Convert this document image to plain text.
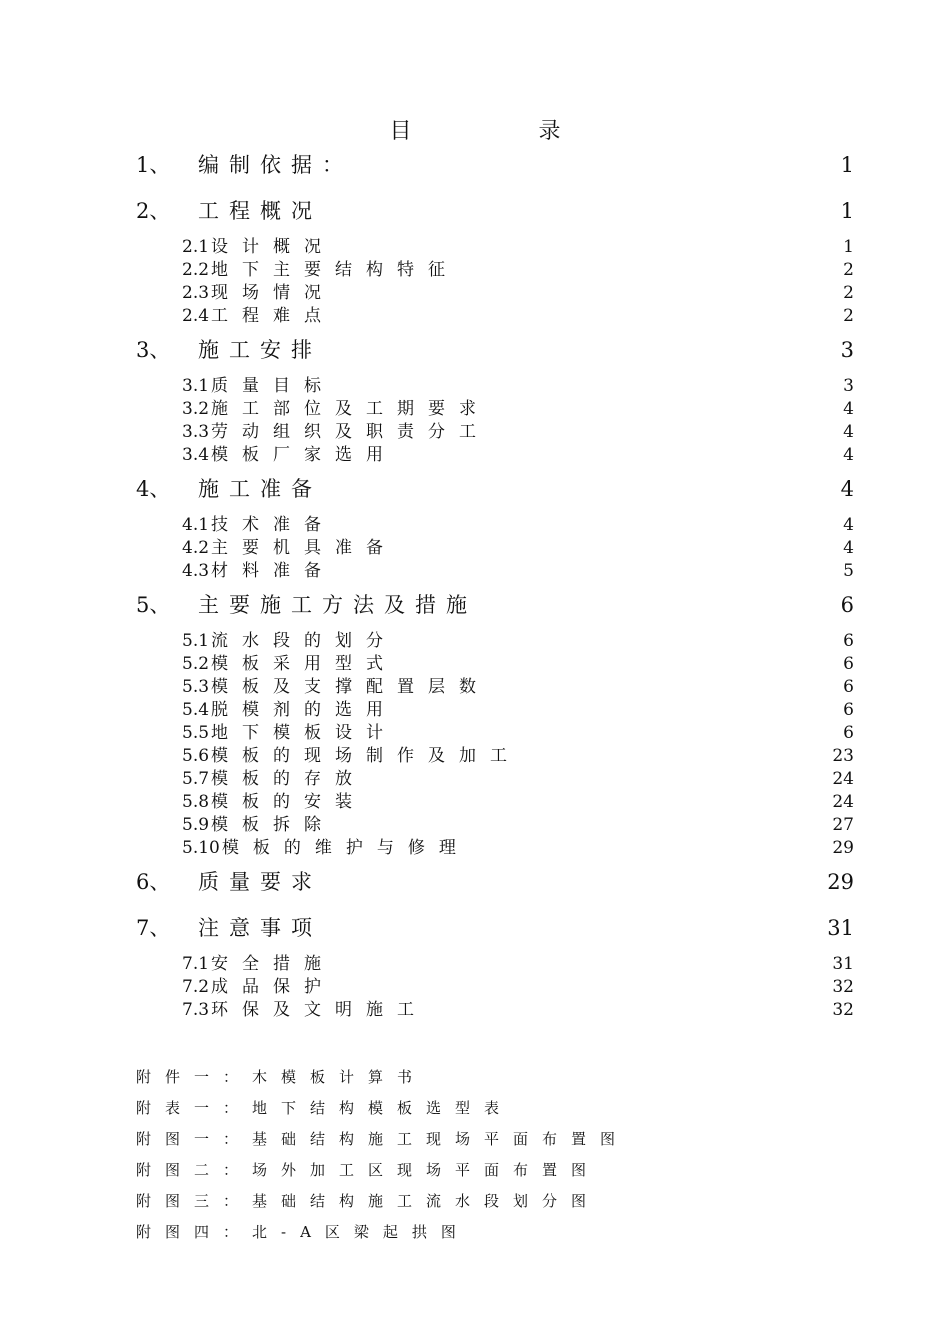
目 录
1、	编制依据：	1
2、	工程概况	1
2.1 设计概况	1
2.2 地下主要结构特征	2
2.3 现场情况	2
2.4 工程难点	2
3、	施工安排	3
3.1 质量目标	3
3.2 施工部位及工期要求	4
3.3 劳动组织及职责分工	4
3.4 模板厂家选用	4
4、	施工准备	4
4.1 技术准备	4
4.2 主要机具准备	4
4.3 材料准备	5
5、	主要施工方法及措施	6
5.1 流水段的划分	6
5.2 模板采用型式	6
5.3 模板及支撑配置层数	6
5.4 脱模剂的选用	6
5.5 地下模板设计	6
5.6 模板的现场制作及加工	23
5.7 模板的存放	24
5.8 模板的安装	24
5.9 模板拆除	27
5.10 模板的维护与修理	29
6、	质量要求	29
7、	注意事项	31
7.1 安全措施	31
7.2 成品保护	32
7.3 环保及文明施工	32
附件一：木模板计算书
附表一：地下结构模板选型表
附图一：基础结构施工现场平面布置图
附图二：场外加工区现场平面布置图
附图三：基础结构施工流水段划分图
附图四：北-A区梁起拱图
